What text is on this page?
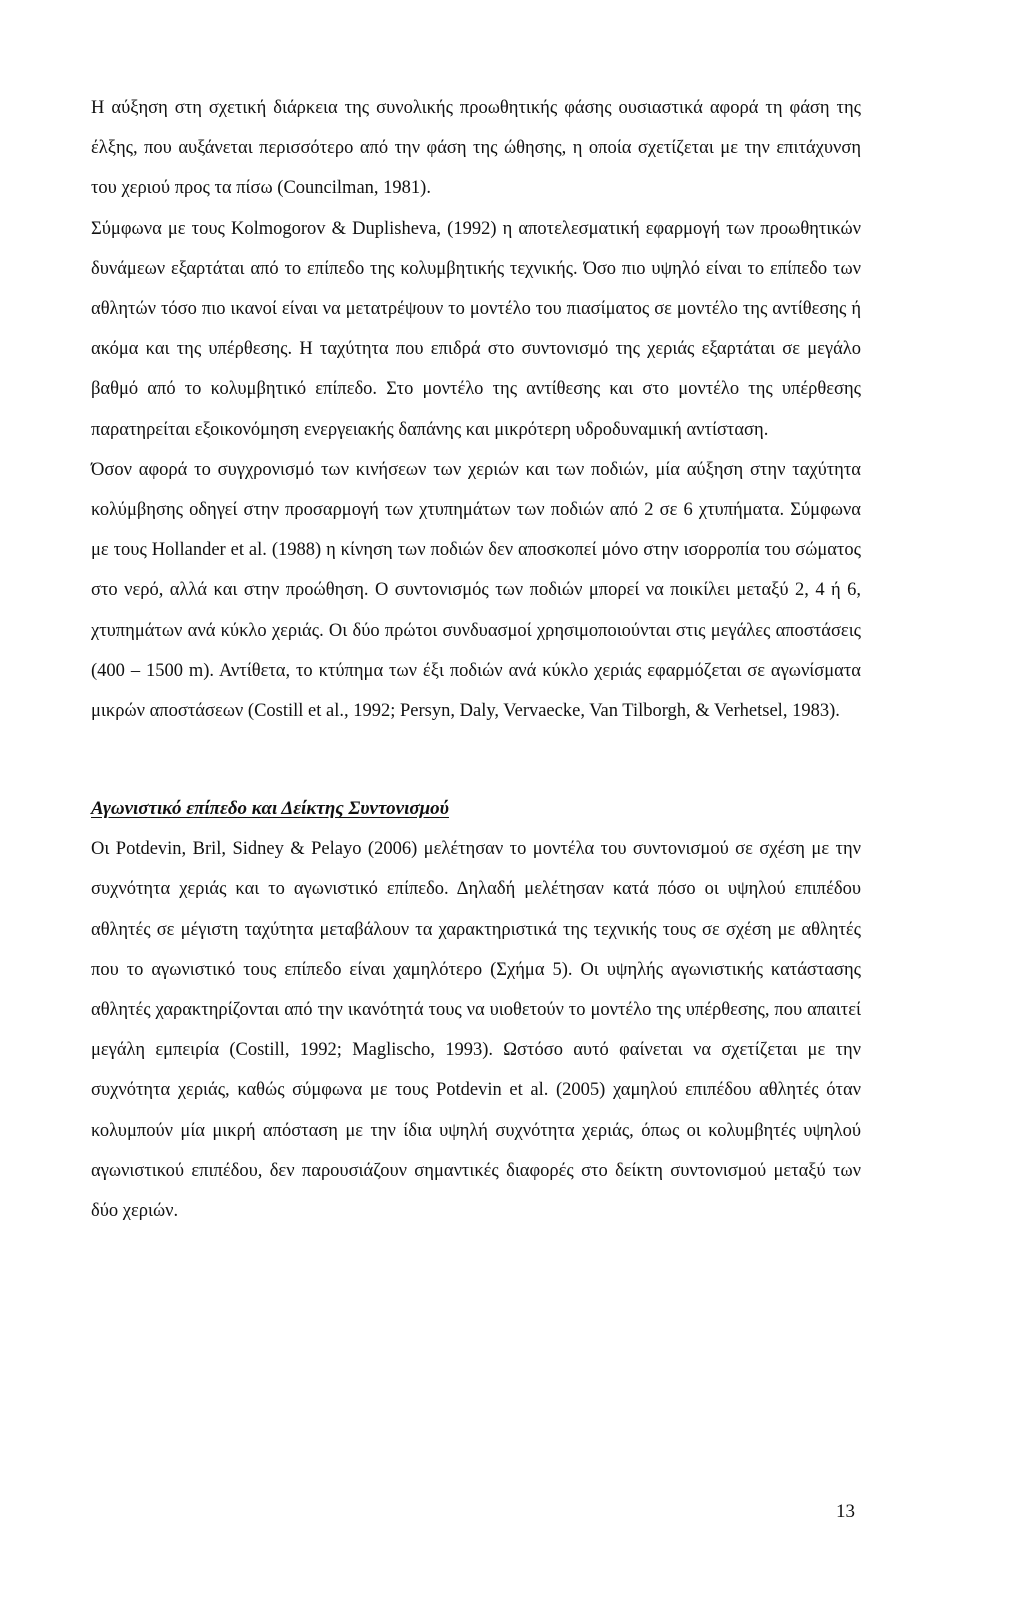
Η αύξηση στη σχετική διάρκεια της συνολικής προωθητικής φάσης ουσιαστικά αφορά τη φάση της έλξης, που αυξάνεται περισσότερο από την φάση της ώθησης, η οποία σχετίζεται με την επιτάχυνση του χεριού προς τα πίσω (Councilman, 1981).

Σύμφωνα με τους Kolmogorov & Duplisheva, (1992) η αποτελεσματική εφαρμογή των προωθητικών δυνάμεων εξαρτάται από το επίπεδο της κολυμβητικής τεχνικής. Όσο πιο υψηλό είναι το επίπεδο των αθλητών τόσο πιο ικανοί είναι να μετατρέψουν το μοντέλο του πιασίματος σε μοντέλο της αντίθεσης ή ακόμα και της υπέρθεσης. Η ταχύτητα που επιδρά στο συντονισμό της χεριάς εξαρτάται σε μεγάλο βαθμό από το κολυμβητικό επίπεδο. Στο μοντέλο της αντίθεσης και στο μοντέλο της υπέρθεσης παρατηρείται εξοικονόμηση ενεργειακής δαπάνης και μικρότερη υδροδυναμική αντίσταση.

Όσον αφορά το συγχρονισμό των κινήσεων των χεριών και των ποδιών, μία αύξηση στην ταχύτητα κολύμβησης οδηγεί στην προσαρμογή των χτυπημάτων των ποδιών από 2 σε 6 χτυπήματα. Σύμφωνα με τους Hollander et al. (1988) η κίνηση των ποδιών δεν αποσκοπεί μόνο στην ισορροπία του σώματος στο νερό, αλλά και στην προώθηση. Ο συντονισμός των ποδιών μπορεί να ποικίλει μεταξύ 2, 4 ή 6, χτυπημάτων ανά κύκλο χεριάς. Οι δύο πρώτοι συνδυασμοί χρησιμοποιούνται στις μεγάλες αποστάσεις (400 – 1500 m). Αντίθετα, το κτύπημα των έξι ποδιών ανά κύκλο χεριάς εφαρμόζεται σε αγωνίσματα μικρών αποστάσεων (Costill et al., 1992; Persyn, Daly, Vervaecke, Van Tilborgh, & Verhetsel, 1983).

Αγωνιστικό επίπεδο και Δείκτης Συντονισμού

Οι Potdevin, Bril, Sidney & Pelayo (2006) μελέτησαν το μοντέλα του συντονισμού σε σχέση με την συχνότητα χεριάς και το αγωνιστικό επίπεδο. Δηλαδή μελέτησαν κατά πόσο οι υψηλού επιπέδου αθλητές σε μέγιστη ταχύτητα μεταβάλουν τα χαρακτηριστικά της τεχνικής τους σε σχέση με αθλητές που το αγωνιστικό τους επίπεδο είναι χαμηλότερο (Σχήμα 5). Οι υψηλής αγωνιστικής κατάστασης αθλητές χαρακτηρίζονται από την ικανότητά τους να υιοθετούν το μοντέλο της υπέρθεσης, που απαιτεί μεγάλη εμπειρία (Costill, 1992; Maglischo, 1993). Ωστόσο αυτό φαίνεται να σχετίζεται με την συχνότητα χεριάς, καθώς σύμφωνα με τους Potdevin et al. (2005) χαμηλού επιπέδου αθλητές όταν κολυμπούν μία μικρή απόσταση με την ίδια υψηλή συχνότητα χεριάς, όπως οι κολυμβητές υψηλού αγωνιστικού επιπέδου, δεν παρουσιάζουν σημαντικές διαφορές στο δείκτη συντονισμού μεταξύ των δύο χεριών.

13
